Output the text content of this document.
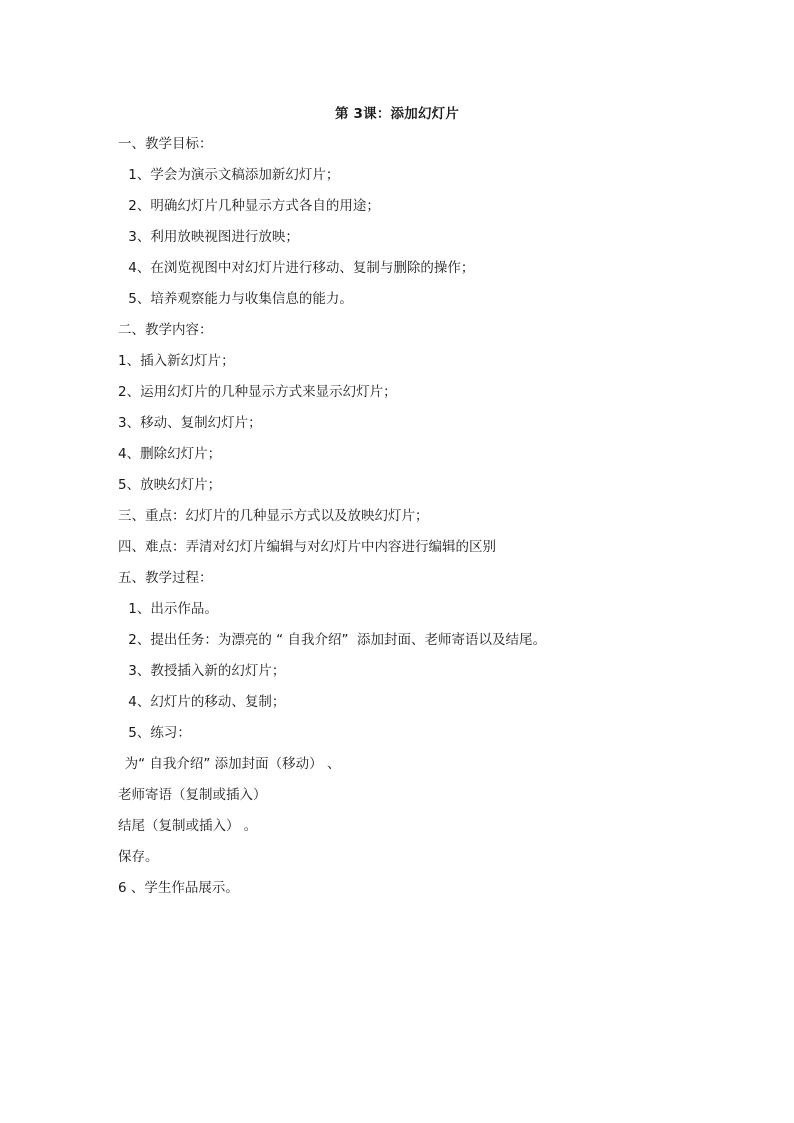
第 3课：添加幻灯片
一、教学目标：
1、学会为演示文稿添加新幻灯片；
2、明确幻灯片几种显示方式各自的用途；
3、利用放映视图进行放映；
4、在浏览视图中对幻灯片进行移动、复制与删除的操作；
5、培养观察能力与收集信息的能力。
二、教学内容：
1、插入新幻灯片；
2、运用幻灯片的几种显示方式来显示幻灯片；
3、移动、复制幻灯片；
4、删除幻灯片；
5、放映幻灯片；
三、重点：幻灯片的几种显示方式以及放映幻灯片；
四、难点：弄清对幻灯片编辑与对幻灯片中内容进行编辑的区别
五、教学过程：
1、出示作品。
2、提出任务：为漂亮的 “ 自我介绍”  添加封面、老师寄语以及结尾。
3、教授插入新的幻灯片；
4、幻灯片的移动、复制；
5、练习：
为“ 自我介绍” 添加封面（移动） 、
老师寄语（复制或插入）
结尾（复制或插入） 。
保存。
6 、学生作品展示。
